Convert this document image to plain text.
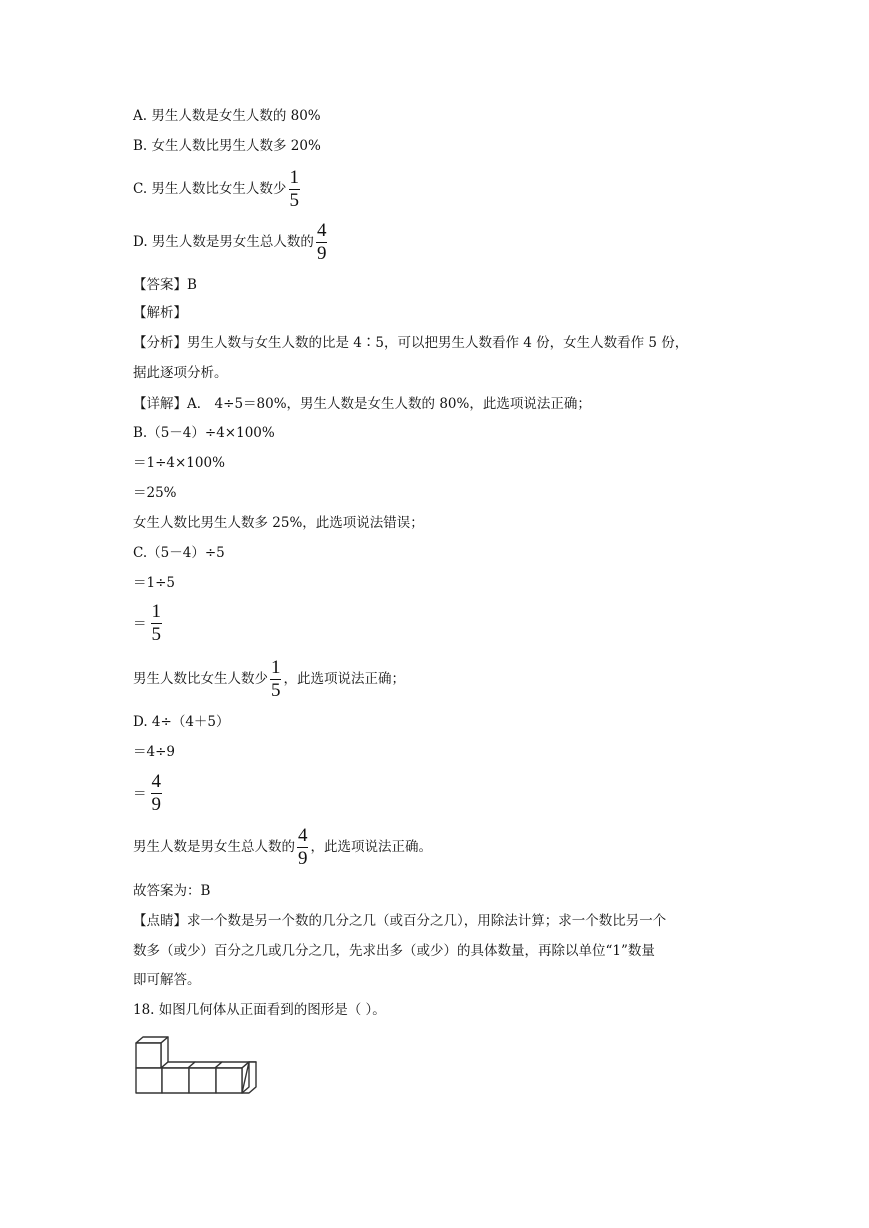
A. 男生人数是女生人数的 80%
B. 女生人数比男生人数多 20%
C. 男生人数比女生人数少 $\frac{1}{5}$
D. 男生人数是男女生总人数的 $\frac{4}{9}$
【答案】B
【解析】
【分析】男生人数与女生人数的比是 4∶5，可以把男生人数看作 4 份，女生人数看作 5 份，
据此逐项分析。
【详解】A． 4÷5＝80%，男生人数是女生人数的 80%，此选项说法正确；
B.（5－4）÷4×100%
＝1÷4×100%
＝25%
女生人数比男生人数多 25%，此选项说法错误；
C.（5－4）÷5
＝1÷5
＝ $\frac{1}{5}$
男生人数比女生人数少 $\frac{1}{5}$ ，此选项说法正确；
D. 4÷（4＋5）
＝4÷9
＝ $\frac{4}{9}$
男生人数是男女生总人数的 $\frac{4}{9}$ ，此选项说法正确。
故答案为：B
【点睛】求一个数是另一个数的几分之几（或百分之几），用除法计算；求一个数比另一个
数多（或少）百分之几或几分之几，先求出多（或少）的具体数量，再除以单位“1”数量
即可解答。
18. 如图几何体从正面看到的图形是（ ）。
